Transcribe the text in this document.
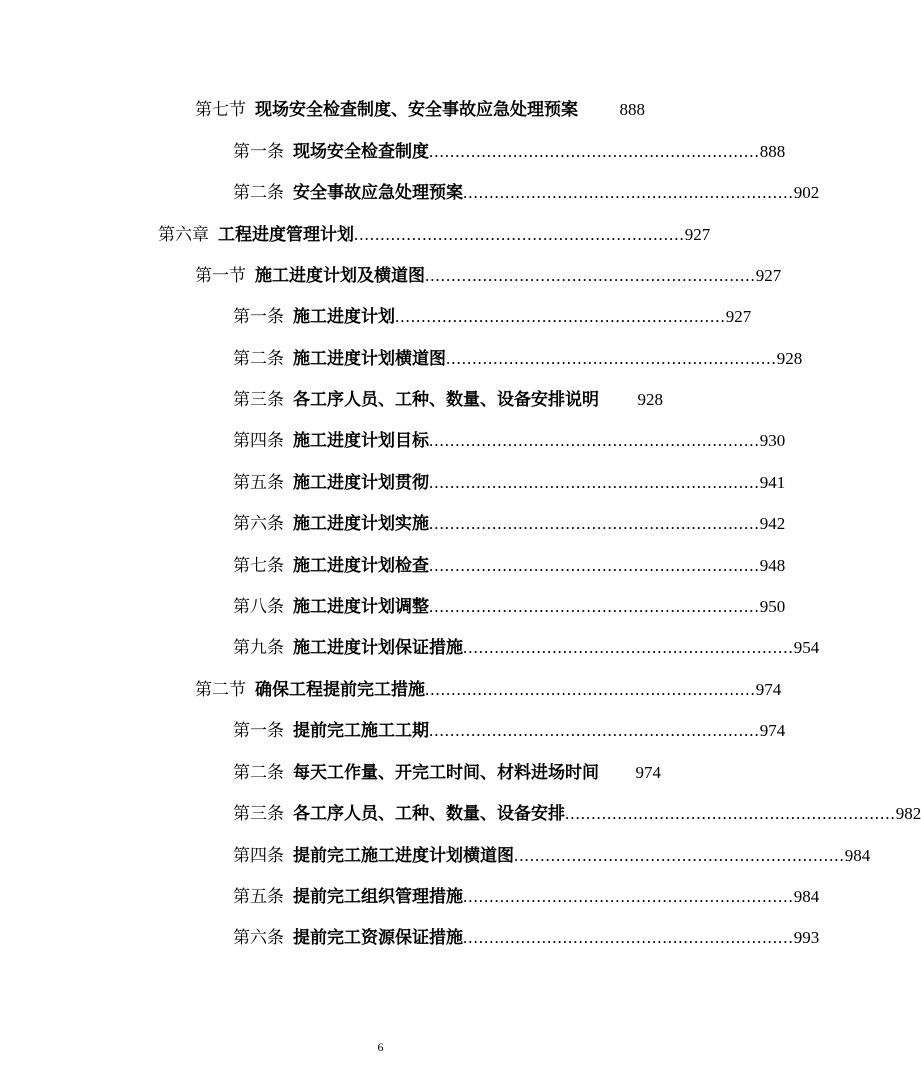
第七节 现场安全检查制度、安全事故应急处理预案 888
第一条 现场安全检查制度 ............................................................... 888
第二条 安全事故应急处理预案 ............................................................... 902
第六章 工程进度管理计划 ............................................................... 927
第一节 施工进度计划及横道图 ............................................................... 927
第一条 施工进度计划 ............................................................... 927
第二条 施工进度计划横道图 ............................................................... 928
第三条 各工序人员、工种、数量、设备安排说明 928
第四条 施工进度计划目标 ............................................................... 930
第五条 施工进度计划贯彻 ............................................................... 941
第六条 施工进度计划实施 ............................................................... 942
第七条 施工进度计划检查 ............................................................... 948
第八条 施工进度计划调整 ............................................................... 950
第九条 施工进度计划保证措施 ............................................................... 954
第二节 确保工程提前完工措施 ............................................................... 974
第一条 提前完工施工工期 ............................................................... 974
第二条 每天工作量、开完工时间、材料进场时间 974
第三条 各工序人员、工种、数量、设备安排 ............................................................... 982
第四条 提前完工施工进度计划横道图 ............................................................... 984
第五条 提前完工组织管理措施 ............................................................... 984
第六条 提前完工资源保证措施 ............................................................... 993
6
